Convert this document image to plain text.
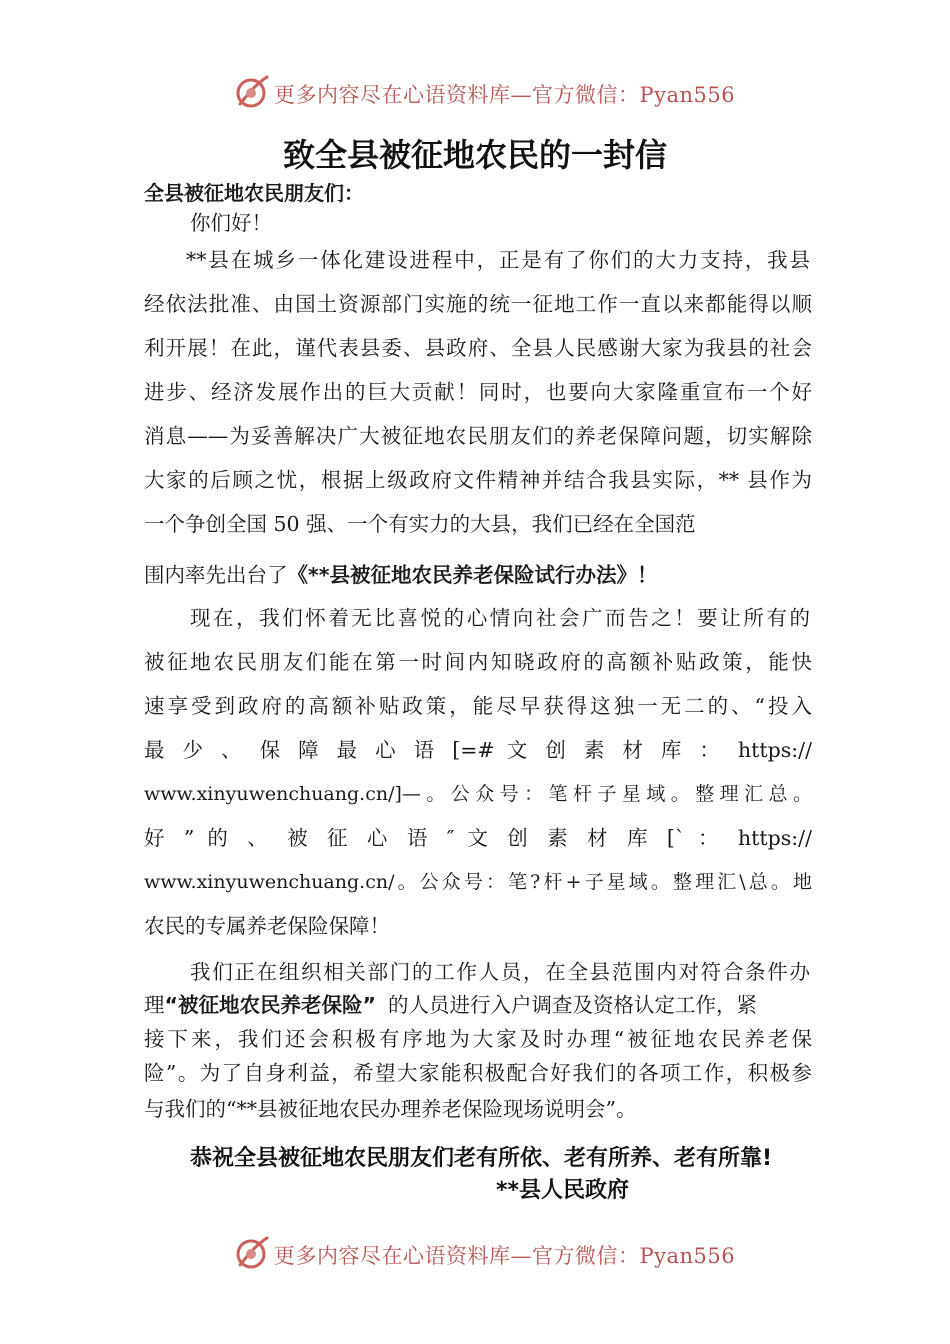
更多内容尽在心语资料库—官方微信：Pyan556
致全县被征地农民的一封信
全县被征地农民朋友们：
你们好！
**县在城乡一体化建设进程中，正是有了你们的大力支持，我县
经依法批准、由国土资源部门实施的统一征地工作一直以来都能得以顺
利开展！在此，谨代表县委、县政府、全县人民感谢大家为我县的社会
进步、经济发展作出的巨大贡献！同时，也要向大家隆重宣布一个好
消息——为妥善解决广大被征地农民朋友们的养老保障问题，切实解除
大家的后顾之忧，根据上级政府文件精神并结合我县实际，** 县作为
一个争创全国 50 强、一个有实力的大县，我们已经在全国范
围内率先出台了《**县被征地农民养老保险试行办法》！
现在，我们怀着无比喜悦的心情向社会广而告之！要让所有的
被征地农民朋友们能在第一时间内知晓政府的高额补贴政策，能快
速享受到政府的高额补贴政策，能尽早获得这独一无二的、“投入
最 少 、 保 障 最 心 语 [=# 文 创 素 材 库 ： https://
www.xinyuwenchuang.cn/]—。公众号：笔杆子星域。整理汇总。
好 ” 的 、 被 征 心 语 ″ 文 创 素 材 库 [` ： https://
www.xinyuwenchuang.cn/。公众号：笔?杆+子星域。整理汇\总。地
农民的专属养老保险保障！
我们正在组织相关部门的工作人员，在全县范围内对符合条件办
理“被征地农民养老保险” 的人员进行入户调查及资格认定工作，紧
接下来，我们还会积极有序地为大家及时办理“被征地农民养老保
险”。为了自身利益，希望大家能积极配合好我们的各项工作，积极参
与我们的“**县被征地农民办理养老保险现场说明会”。
恭祝全县被征地农民朋友们老有所依、老有所养、老有所靠!
**县人民政府
更多内容尽在心语资料库—官方微信：Pyan556
